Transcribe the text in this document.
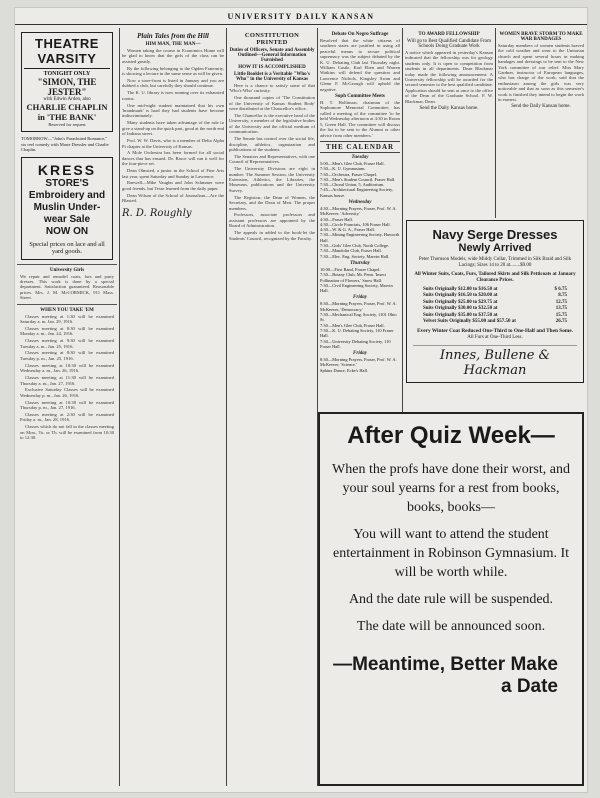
UNIVERSITY DAILY KANSAN
THEATRE VARSITY
TONIGHT ONLY
"SIMON, THE JESTER"
with Edwin Arden, also
CHARLIE CHAPLIN in 'THE BANK'
Reserved for request
TOMORROW—"John's Parachuted Romance," six reel comedy with Marie Dressler and Charlie Chaplin.
KRESS
STORE'S
Embroidery and
Muslin Under-
wear Sale
NOW ON
Special prices on lace and all yard goods.
University Girls
We repair and remodel coats, furs and party dresses. This work is done by a special department. Satisfaction guaranteed. Reasonable prices. Mrs. J. M. McCORMICK, 911 Mass. Street.
WHEN YOU TAKE 'EM

Classes meeting at 1:30 will be examined Saturday a. m. Jan. 29, 1916.

Classes meeting at 8:30 will be examined Monday a. m., Jan. 24, 1916.

Classes meeting at 9:30 will be examined Tuesday a. m., Jan. 25, 1916.

Classes meeting at 8:30 will be examined Tuesday p. m., Jan. 25, 1916.

Classes meeting at 10:30 will be examined Wednesday a. m., Jan. 26, 1916.

Classes meeting at 11:30 will be examined Thursday a. m., Jan. 27, 1916.

Exclusive Saturday Classes will be examined Wednesday p. m., Jan. 26, 1916.

Classes meeting at 10:30 will be examined Thursday p. m., Jan. 27, 1916.

Classes meeting at 2:30 will be examined Friday a. m., Jan. 28, 1916.

Classes which do not fall in the classes meeting on Mon., Tu. or Th. will be examined from 10:30 to 12:30.

Plain Tales from the Hill
HIM MAN, THE MAN—

Women taking the course in Economics Home will be glad to know that the girls of the class can be assisted greatly.

By the following belonging to the Ogden Fraternity, is showing a lecture in the same sense as will be given.

Now a store-front is listed in January and you are dubbed a club, but carefully they should continue.

The K. U. library is now running over its exhausted rooms.

One mid-night student maintained that his own 'brandmark' is hard they had students have become indiscriminately.

Many students have taken advantage of the rule to give a stand-up on the quick past, good at the north end of Indiana street.

Prof. W. W. Davis, who is a member of Delta Alpha Pi chapter at the University of Kansas.

A Mole Orchestra has been formed for all social dances that has ensued. Dr. Bruce will run it well for the four-piece set.

Dean Olmsted, a junior in the School of Fine Arts last year, spent Saturday and Sunday in Lawrence.

Raewell—Mike Vaughn and John Schmmer were good friends, but Tesse learned from the daily paper.

Dean Wilson of the School of Journalism—Are the Blasted.

R. D. Roughly
CONSTITUTION PRINTED
Duties of Officers, Senate and Assembly Outlined—General Information Furnished
HOW IT IS ACCOMPLISHED
Little Booklet is a Veritable "Who's Who" in the University of Kansas

Here is a chance to satisfy some of that 'Who's-Who' curiosity.

One thousand copies of 'The Constitution of the University of Kansas Student Body' were distributed at the Chancellor's office.

The Chancellor is the executive head of the University, a member of the legislative bodies of the University and the official medium of communication.

The Senate has control over the social life, discipline, athletics, organization and publications of the students.

The Senators and Representatives, with one Council of Representatives.

The University Divisions are eight in number: The Summer Session, the University Extension, Athletics, the Libraries, the Museums, publications and the University Survey.

The Registrar, the Dean of Women, the Secretary, and the Dean of Men. The proper members.

Professors, associate professors and assistant professors are appointed by the Board of Administration.

The appeals in added to the book-let the Students' Council, recognized by the Faculty.

Debate On Negro Suffrage
Resolved that the white citizens of southern states are justified in using all peaceful means to secure political supremacy was the subject debated by the K. U. Debating Club last Thursday night. William Castle, Karl Eben and Warren Watkins will defend the question and Lawrence Nichols, Kingsley Swan and Glenn F. McGeough will uphold the negative.
Soph Committee Meets
H. T. Hollinson, chairman of the Sophomore Memorial Committee, has called a meeting of the committee 'to be held Wednesday afternoon at 4:30 in Room 5, Green Hall. The committee will discuss the list to be sent to the Alumni or other advice from other members.'
THE CALENDAR
Tuesday

5:00—Men's Glee Club, Fraser Hall.

7:30—K. U. Gymnasium.

7:30—Orchestra, Fraser Chapel.

7:30—Men's Student Council, Fraser Hall.

7:30—Choral Union, 5, Auditorium.

7:45—Architectural Engineering Society, Kansas house.

Wednesday

4:30—Morning Prayers, Fraser, Prof. W. A. McKeever, 'Adversity.'

4:30—Fraser Hall.

4:30—Circle Franciais, 106 Fraser Hall.

4:30—W. & G. A., Fraser Hall.

7:30—Mining Engineering Society, Haworth Hall.

7:30—Girls' Glee Club, North College.

7:30—Mandolin Club, Fraser Hall.

7:30—Elec. Eng. Society, Marvin Hall.

Thursday

10:00—First Band, Fraser Chapel.

7:30—Botany Club, Mr. Penn. 'Insect Pollination of Flowers,' Snow Hall.

7:30—Civil Engineering Society, Marvin Hall.

Friday

8:30—Morning Prayers, Fraser, Prof. W. A. McKeever, 'Democracy.'

7:30—Mechanical Eng. Society, 1101 Ohio St.

7:30—Men's Glee Club, Fraser Hall.

7:30—K. U. Debating Society, 110 Fraser Hall.

7:30—University Debating Society, 110 Fraser Hall.

Friday

8:30—Morning Prayers, Fraser, Prof. W. A. McKeever, 'Science.'

Sphinx Dance, Ecke's Hall.

TO AWARD FELLOWSHIP
Will go to Best Qualified Candidate From Schools Doing Graduate Work
A notice which appeared in yesterday's Kansan indicated that the fellowship was for geology students only. It is open to competition from students in all departments. Dean Blackmar today made the following announcement: A University fellowship will be awarded for the second semester to the best qualified candidate. Application should be sent at once to the office of the Dean of the Graduate School. F. W. Blackmar, Dean.
Send the Daily Kansas home.
WOMEN BRAVE STORM TO MAKE WAR BANDAGES
Saturday members of women students braved the cold weather and went to the Unitarian church and spent several hours in making bandages and dressings to be sent to the New York committee of war relief. Miss Mary Gardner, instructor of European languages, who has charge of the work, said that the enthusiasm among the girls was very noticeable and that as soon as this semester's work is finished they intend to begin the work in earnest.
Send the Daily Kansan home.
Navy Serge Dresses
Newly Arrived
Peter Thomson Models, wide Middy Collar, Trimmed in Silk Braid and Silk Lacings; Sizes 14 to 20 at........$9.00
All Winter Suits, Coats, Furs, Tailored Skirts and Silk Petticoats at January Clearance Prices.
Suits Originally $12.00 to $16.50 at	$ 6.75
Suits Originally $16.50 to $20.00 at	8.75
Suits Originally $25.00 to $29.75 at	12.75
Suits Originally $30.00 to $32.50 at	13.75
Suits Originally $35.00 to $37.50 at	15.75
Velvet Suits Originally $55.00 and $57.50 at	26.75
Every Winter Coat Reduced One-Third to One-Half and Then Some.
All Furs at One-Third Less.
Innes, Bullene & Hackman
After Quiz Week—
When the profs have done their worst, and your soul yearns for a rest from books, books, books—
You will want to attend the student entertainment in Robinson Gymnasium. It will be worth while.
And the date rule will be suspended.
The date will be announced soon.
—Meantime, Better Make a Date
